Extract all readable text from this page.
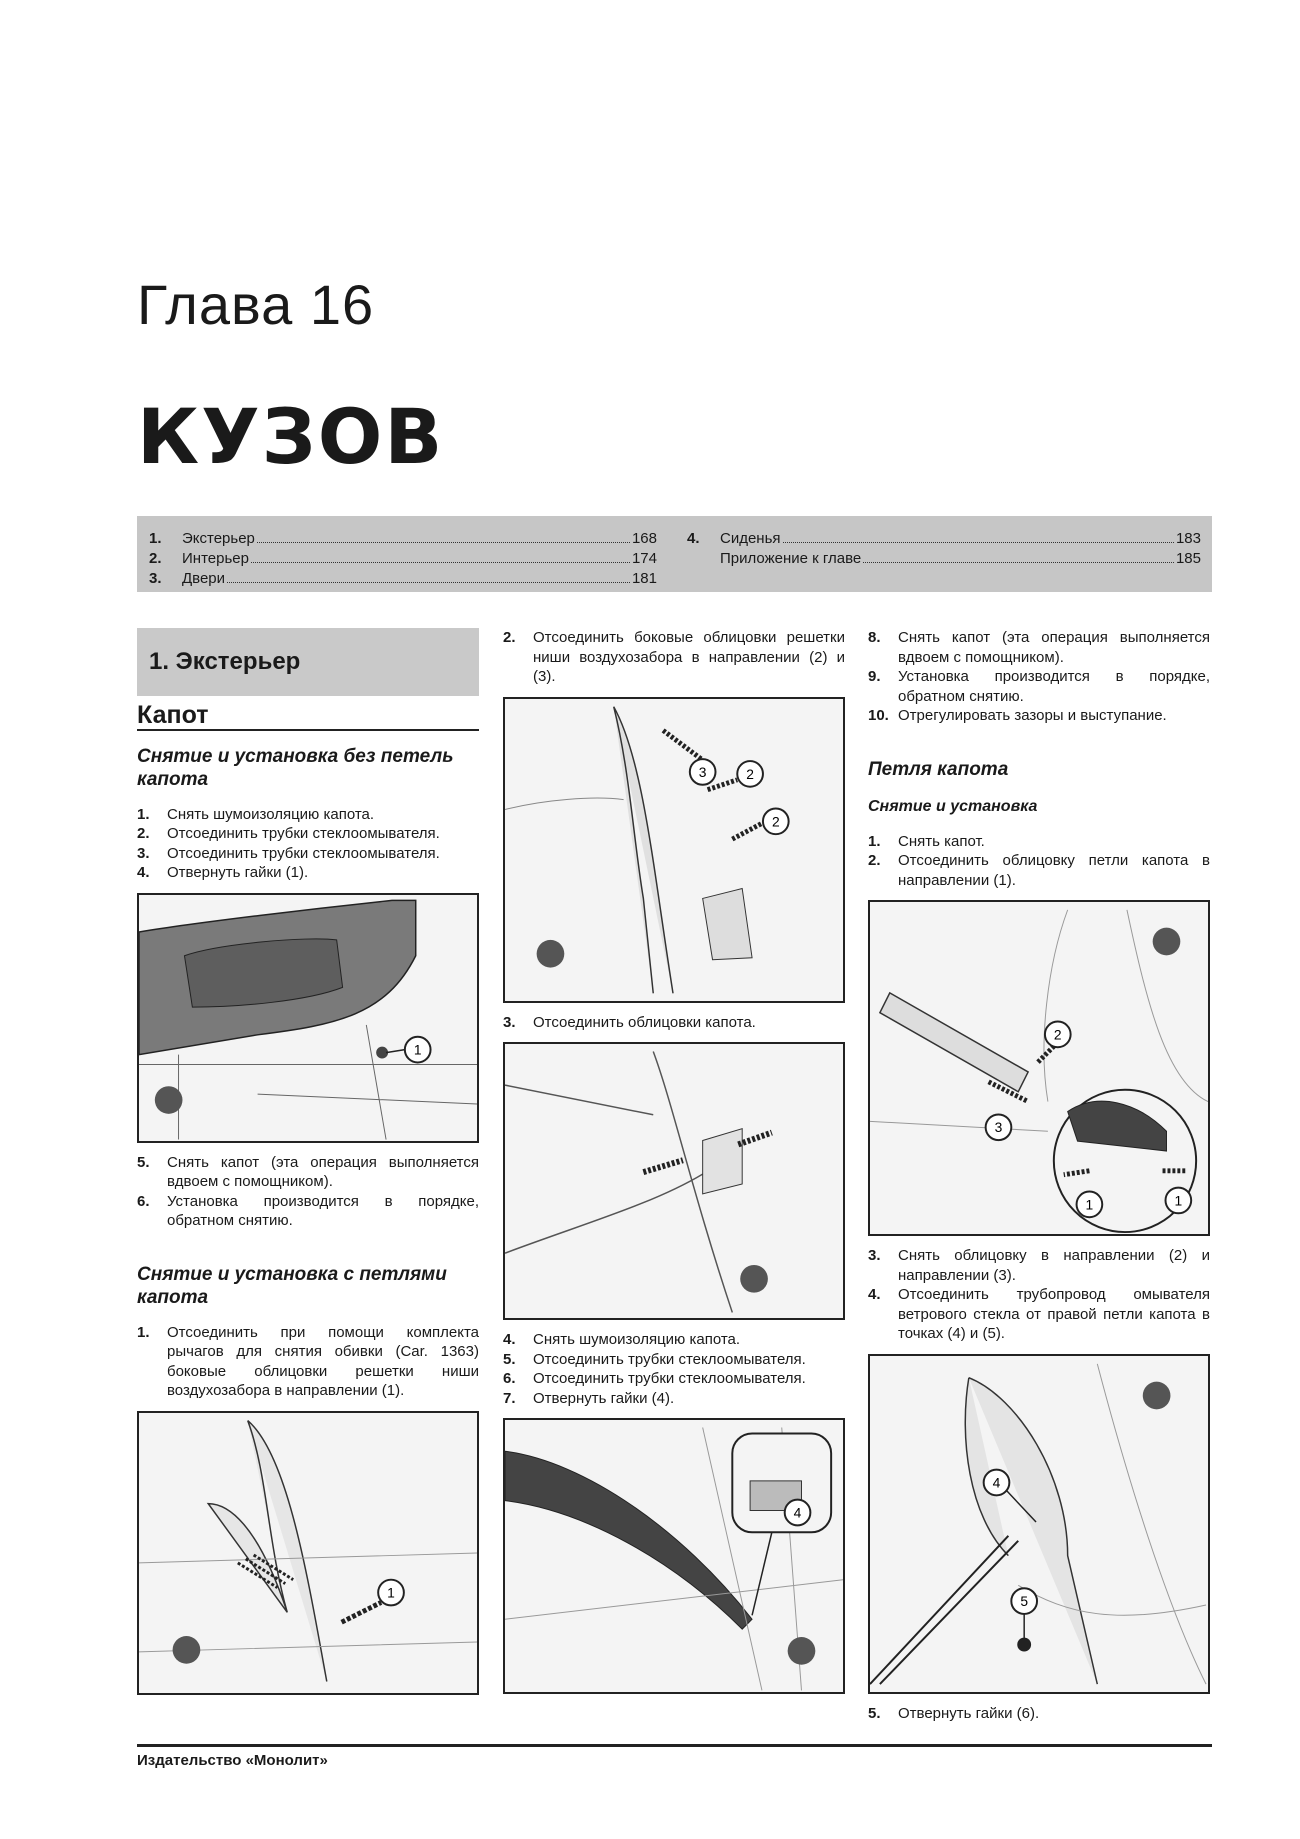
Глава 16
КУЗОВ
1.	Экстерьер	168
2.	Интерьер	174
3.	Двери	181
4.	Сиденья	183
Приложение к главе	185
1. Экстерьер
Капот
Снятие и установка без петель капота
1.	Снять шумоизоляцию капота.
2.	Отсоединить трубки стеклоомывателя.
3.	Отсоединить трубки стеклоомывателя.
4.	Отвернуть гайки (1).
1
5.	Снять капот (эта операция выполняется вдвоем с помощником).
6.	Установка производится в порядке, обратном снятию.
Снятие и установка с петлями капота
1.	Отсоединить при помощи комплекта рычагов для снятия обивки (Car. 1363) боковые облицовки решетки ниши воздухозабора в направлении (1).
1
2.	Отсоединить боковые облицовки решетки ниши воздухозабора в направлении (2) и (3).
3	2
2
3.	Отсоединить облицовки капота.
4.	Снять шумоизоляцию капота.
5.	Отсоединить трубки стеклоомывателя.
6.	Отсоединить трубки стеклоомывателя.
7.	Отвернуть гайки (4).
4
8.	Снять капот (эта операция выполняется вдвоем с помощником).
9.	Установка производится в порядке, обратном снятию.
10. Отрегулировать зазоры и выступание.
Петля капота
Снятие и установка
1.	Снять капот.
2.	Отсоединить облицовку петли капота в направлении (1).
2
3
1	1
3.	Снять облицовку в направлении (2) и направлении (3).
4.	Отсоединить трубопровод омывателя ветрового стекла от правой петли капота в точках (4) и (5).
4
5
5.	Отвернуть гайки (6).
Издательство «Монолит»
